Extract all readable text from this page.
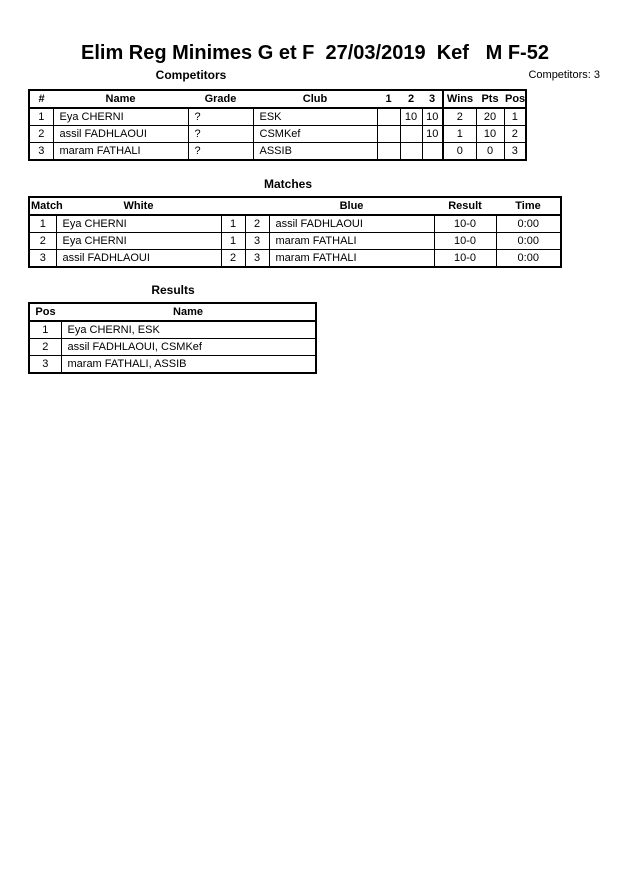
Elim Reg Minimes G et F  27/03/2019  Kef   M F-52
Competitors	Competitors: 3
#	Name	Grade	Club	1	2	3	Wins	Pts	Pos
1	Eya CHERNI	?	ESK		10	10	2	20	1
2	assil FADHLAOUI	?	CSMKef			10	1	10	2
3	maram FATHALI	?	ASSIB				0	0	3
Matches
Match	White			Blue	Result	Time
1	Eya CHERNI	1	2	assil FADHLAOUI	10-0	0:00
2	Eya CHERNI	1	3	maram FATHALI	10-0	0:00
3	assil FADHLAOUI	2	3	maram FATHALI	10-0	0:00
Results
Pos	Name
1	Eya CHERNI, ESK
2	assil FADHLAOUI, CSMKef
3	maram FATHALI, ASSIB
